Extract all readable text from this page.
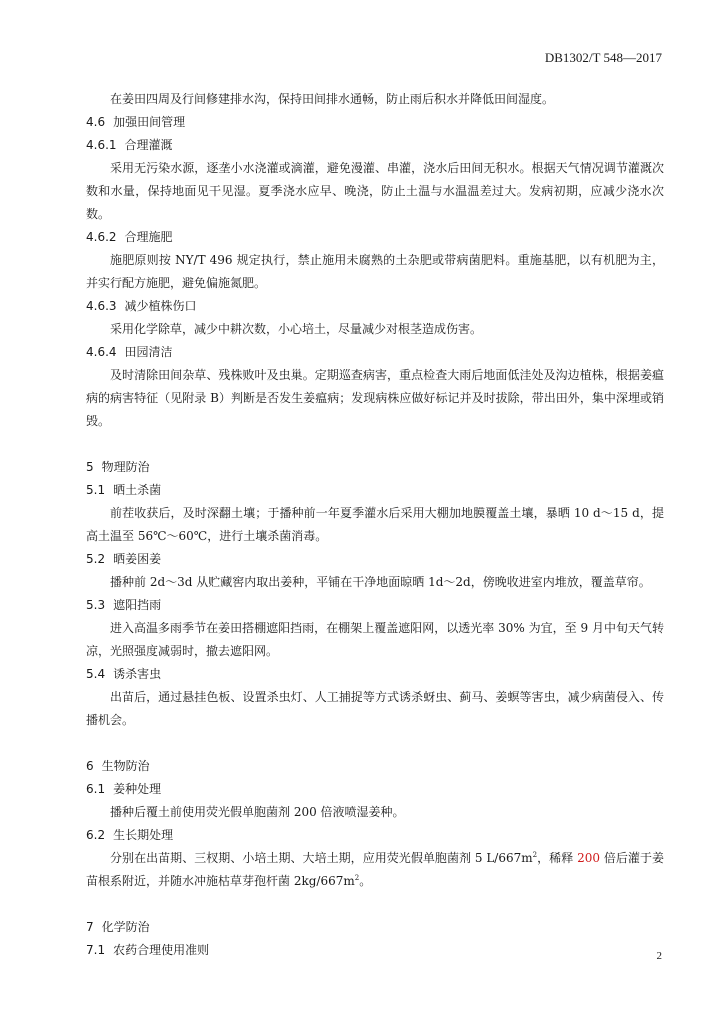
DB1302/T 548—2017

在姜田四周及行间修建排水沟，保持田间排水通畅，防止雨后积水并降低田间湿度。

4.6 加强田间管理

4.6.1 合理灌溉

采用无污染水源，逐垄小水浇灌或滴灌，避免漫灌、串灌，浇水后田间无积水。根据天气情况调节灌溉次数和水量，保持地面见干见湿。夏季浇水应早、晚浇，防止土温与水温温差过大。发病初期，应减少浇水次数。

4.6.2 合理施肥

施肥原则按 NY/T 496 规定执行，禁止施用未腐熟的土杂肥或带病菌肥料。重施基肥，以有机肥为主，并实行配方施肥，避免偏施氮肥。

4.6.3 减少植株伤口

采用化学除草，减少中耕次数，小心培土，尽量减少对根茎造成伤害。

4.6.4 田园清洁

及时清除田间杂草、残株败叶及虫巢。定期巡查病害，重点检查大雨后地面低洼处及沟边植株，根据姜瘟病的病害特征（见附录 B）判断是否发生姜瘟病；发现病株应做好标记并及时拔除，带出田外，集中深埋或销毁。

5 物理防治

5.1 晒土杀菌

前茬收获后，及时深翻土壤；于播种前一年夏季灌水后采用大棚加地膜覆盖土壤，暴晒 10 d～15 d，提高土温至 56℃～60℃，进行土壤杀菌消毒。

5.2 晒姜困姜

播种前 2d～3d 从贮藏窖内取出姜种，平铺在干净地面晾晒 1d～2d，傍晚收进室内堆放，覆盖草帘。

5.3 遮阳挡雨

进入高温多雨季节在姜田搭棚遮阳挡雨，在棚架上覆盖遮阳网，以透光率 30% 为宜，至 9 月中旬天气转凉，光照强度减弱时，撤去遮阳网。

5.4 诱杀害虫

出苗后，通过悬挂色板、设置杀虫灯、人工捕捉等方式诱杀蚜虫、蓟马、姜螟等害虫，减少病菌侵入、传播机会。

6 生物防治

6.1 姜种处理

播种后覆土前使用荧光假单胞菌剂 200 倍液喷湿姜种。

6.2 生长期处理

分别在出苗期、三杈期、小培土期、大培土期，应用荧光假单胞菌剂 5 $L/667m^2$，稀释 200 倍后灌于姜苗根系附近，并随水冲施枯草芽孢杆菌 $2kg/667m^2$。

7 化学防治

7.1 农药合理使用准则	2
